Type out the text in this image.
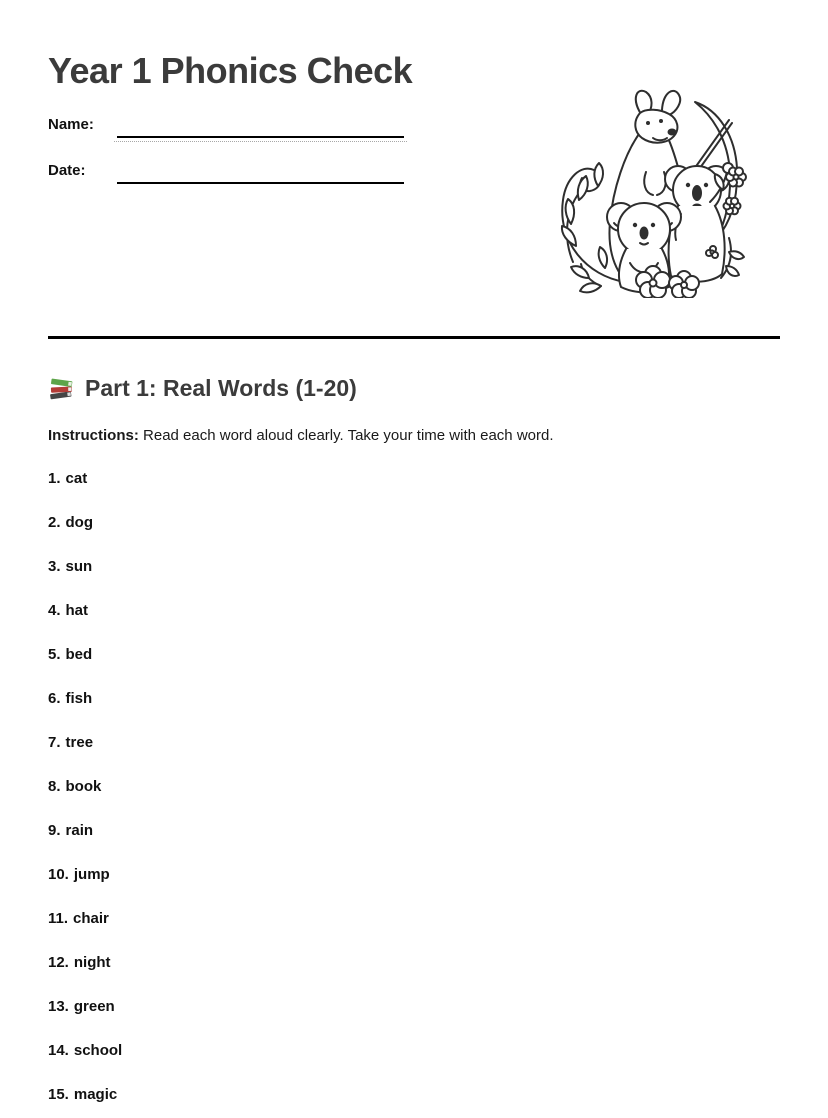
Year 1 Phonics Check
Name:
Date:
Part 1: Real Words (1-20)

Instructions: Read each word aloud clearly. Take your time with each word.

1. cat

2. dog

3. sun

4. hat

5. bed

6. fish

7. tree

8. book

9. rain

10. jump

11. chair

12. night

13. green

14. school

15. magic
